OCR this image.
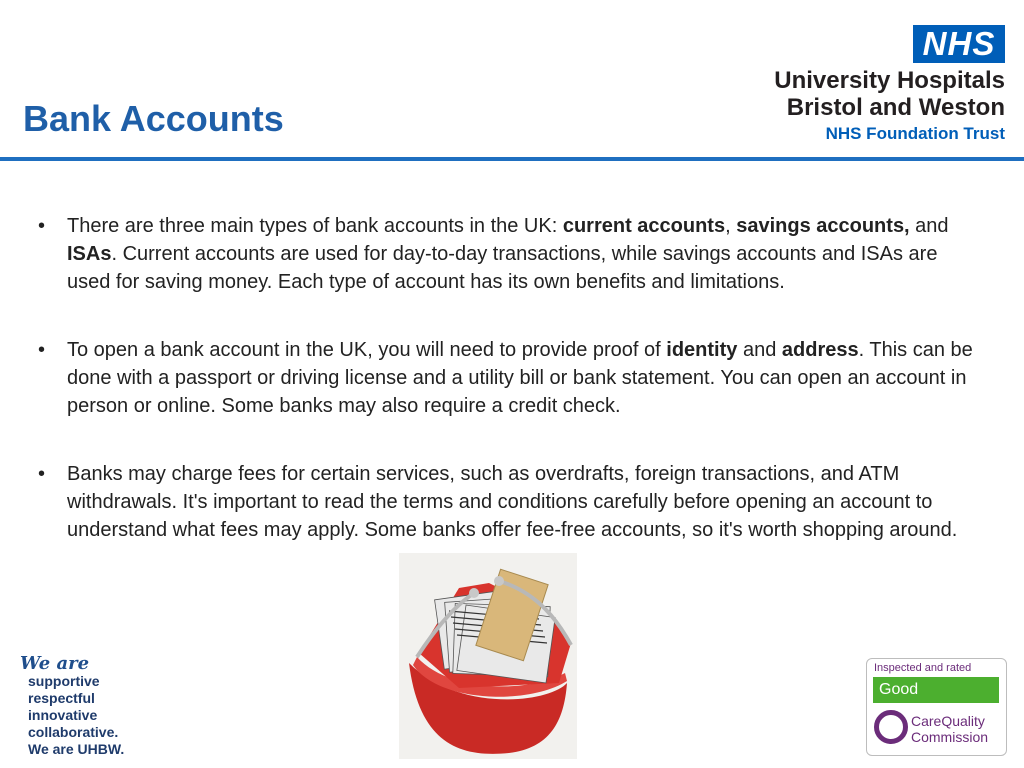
Bank Accounts
NHS
University Hospitals
Bristol and Weston
NHS Foundation Trust
• There are three main types of bank accounts in the UK: current accounts, savings accounts, and ISAs. Current accounts are used for day-to-day transactions, while savings accounts and ISAs are used for saving money. Each type of account has its own benefits and limitations.
• To open a bank account in the UK, you will need to provide proof of identity and address. This can be done with a passport or driving license and a utility bill or bank statement. You can open an account in person or online. Some banks may also require a credit check.
• Banks may charge fees for certain services, such as overdrafts, foreign transactions, and ATM withdrawals. It's important to read the terms and conditions carefully before opening an account to understand what fees may apply. Some banks offer fee-free accounts, so it's worth shopping around.
We are
supportive
respectful
innovative
collaborative.
We are UHBW.
Inspected and rated
Good
CareQuality
Commission
